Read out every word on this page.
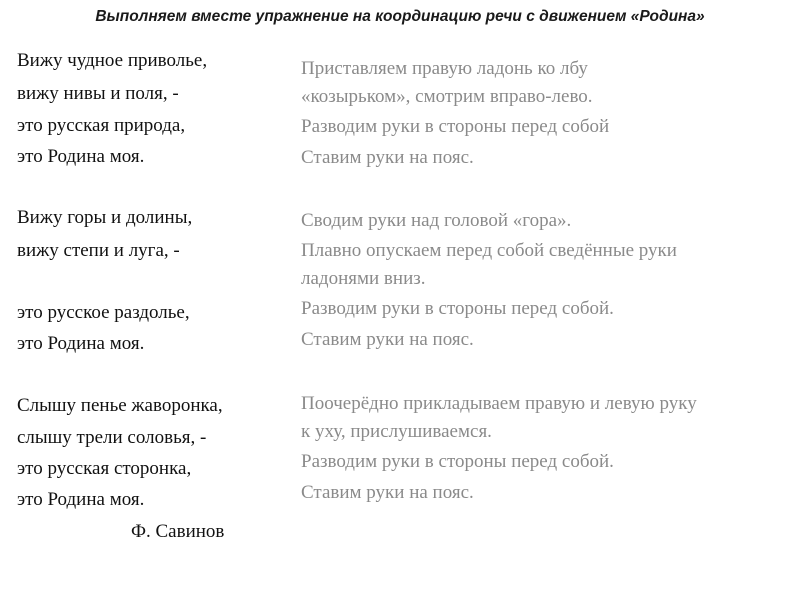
Выполняем вместе упражнение на координацию речи с движением «Родина»
Вижу чудное приволье,
вижу нивы и поля, -
это русская природа,
это Родина моя.
Вижу горы и долины,
вижу степи и луга, -
это русское раздолье,
это Родина моя.
Слышу пенье жаворонка,
слышу трели соловья, -
это русская сторонка,
это Родина моя.
Ф. Савинов
Приставляем правую ладонь ко лбу
«козырьком», смотрим вправо-лево.
Разводим руки в стороны перед собой
Ставим руки на пояс.
Сводим руки над головой «гора».
Плавно опускаем перед собой сведённые руки
ладонями вниз.
Разводим руки в стороны перед собой.
Ставим руки на пояс.
Поочерёдно прикладываем правую и левую руку
к уху, прислушиваемся.
Разводим руки в стороны перед собой.
Ставим руки на пояс.
